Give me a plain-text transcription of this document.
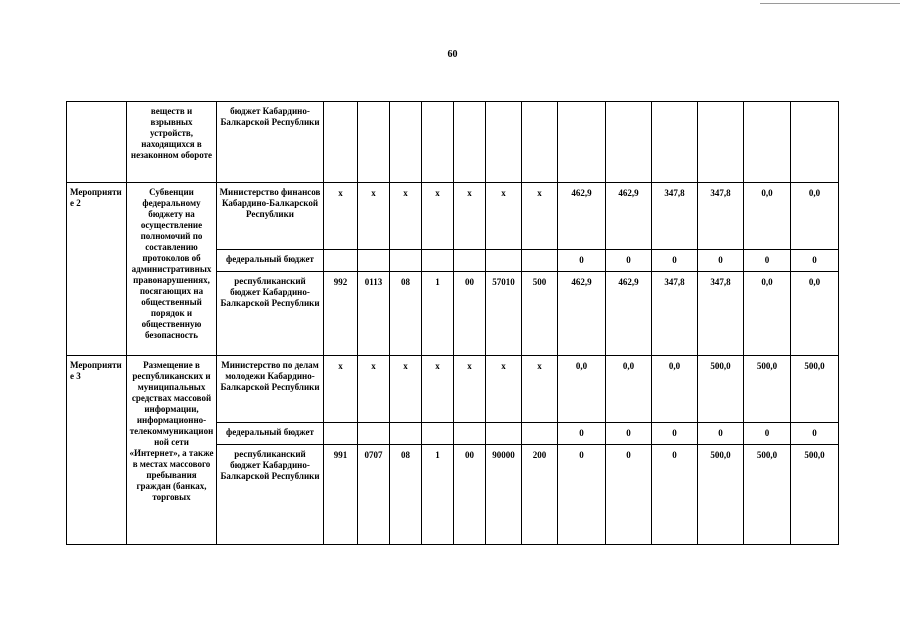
60
	веществ и взрывных устройств, находящихся в незаконном обороте	бюджет Кабардино-Балкарской Республики													
Мероприятие 2	Субвенции федеральному бюджету на осуществление полномочий по составлению протоколов об административных правонарушениях, посягающих на общественный порядок и общественную безопасность	Министерство финансов Кабардино-Балкарской Республики	х	х	х	х	х	х	х	462,9	462,9	347,8	347,8	0,0	0,0
		федеральный бюджет								0	0	0	0	0	0
		республиканский бюджет Кабардино-Балкарской Республики	992	0113	08	1	00	57010	500	462,9	462,9	347,8	347,8	0,0	0,0
Мероприятие 3	Размещение в республиканских и муниципальных средствах массовой информации, информационно-телекоммуникационной сети «Интернет», а также в местах массового пребывания граждан (банках, торговых	Министерство по делам молодежи Кабардино-Балкарской Республики	х	х	х	х	х	х	х	0,0	0,0	0,0	500,0	500,0	500,0
		федеральный бюджет								0	0	0	0	0	0
		республиканский бюджет Кабардино-Балкарской Республики	991	0707	08	1	00	90000	200	0	0	0	500,0	500,0	500,0
